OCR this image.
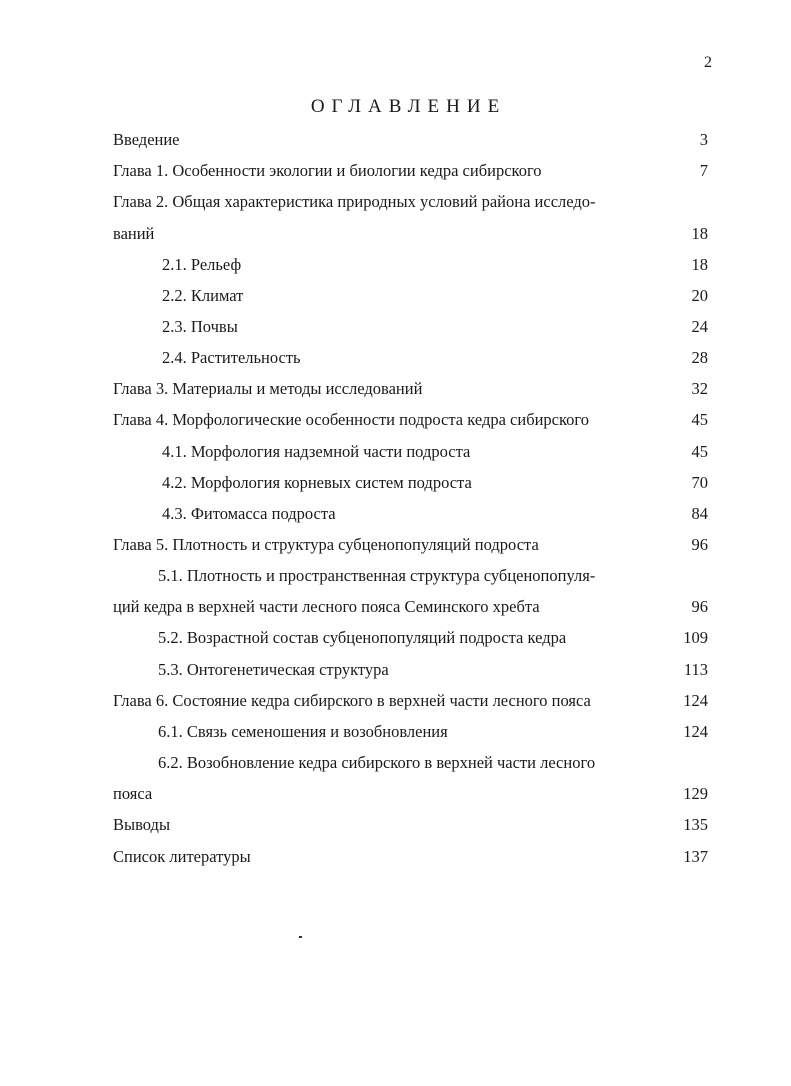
2
ОГЛАВЛЕНИЕ
Введение	3
Глава 1. Особенности экологии и биологии кедра сибирского	7
Глава 2. Общая характеристика природных условий района исследо-
ваний	18
2.1. Рельеф	18
2.2. Климат	20
2.3. Почвы	24
2.4. Растительность	28
Глава 3. Материалы и методы исследований	32
Глава 4. Морфологические особенности подроста кедра сибирского	45
4.1. Морфология надземной части подроста	45
4.2. Морфология корневых систем подроста	70
4.3. Фитомасса подроста	84
Глава 5. Плотность и структура субценопопуляций подроста	96
5.1. Плотность и пространственная структура субценопопуля-
ций кедра в верхней части лесного пояса Семинского хребта	96
5.2. Возрастной состав субценопопуляций подроста кедра	109
5.3. Онтогенетическая структура	113
Глава 6. Состояние кедра сибирского в верхней части лесного пояса	124
6.1. Связь семеношения и возобновления	124
6.2. Возобновление кедра сибирского в верхней части лесного
пояса	129
Выводы	135
Список литературы	137
